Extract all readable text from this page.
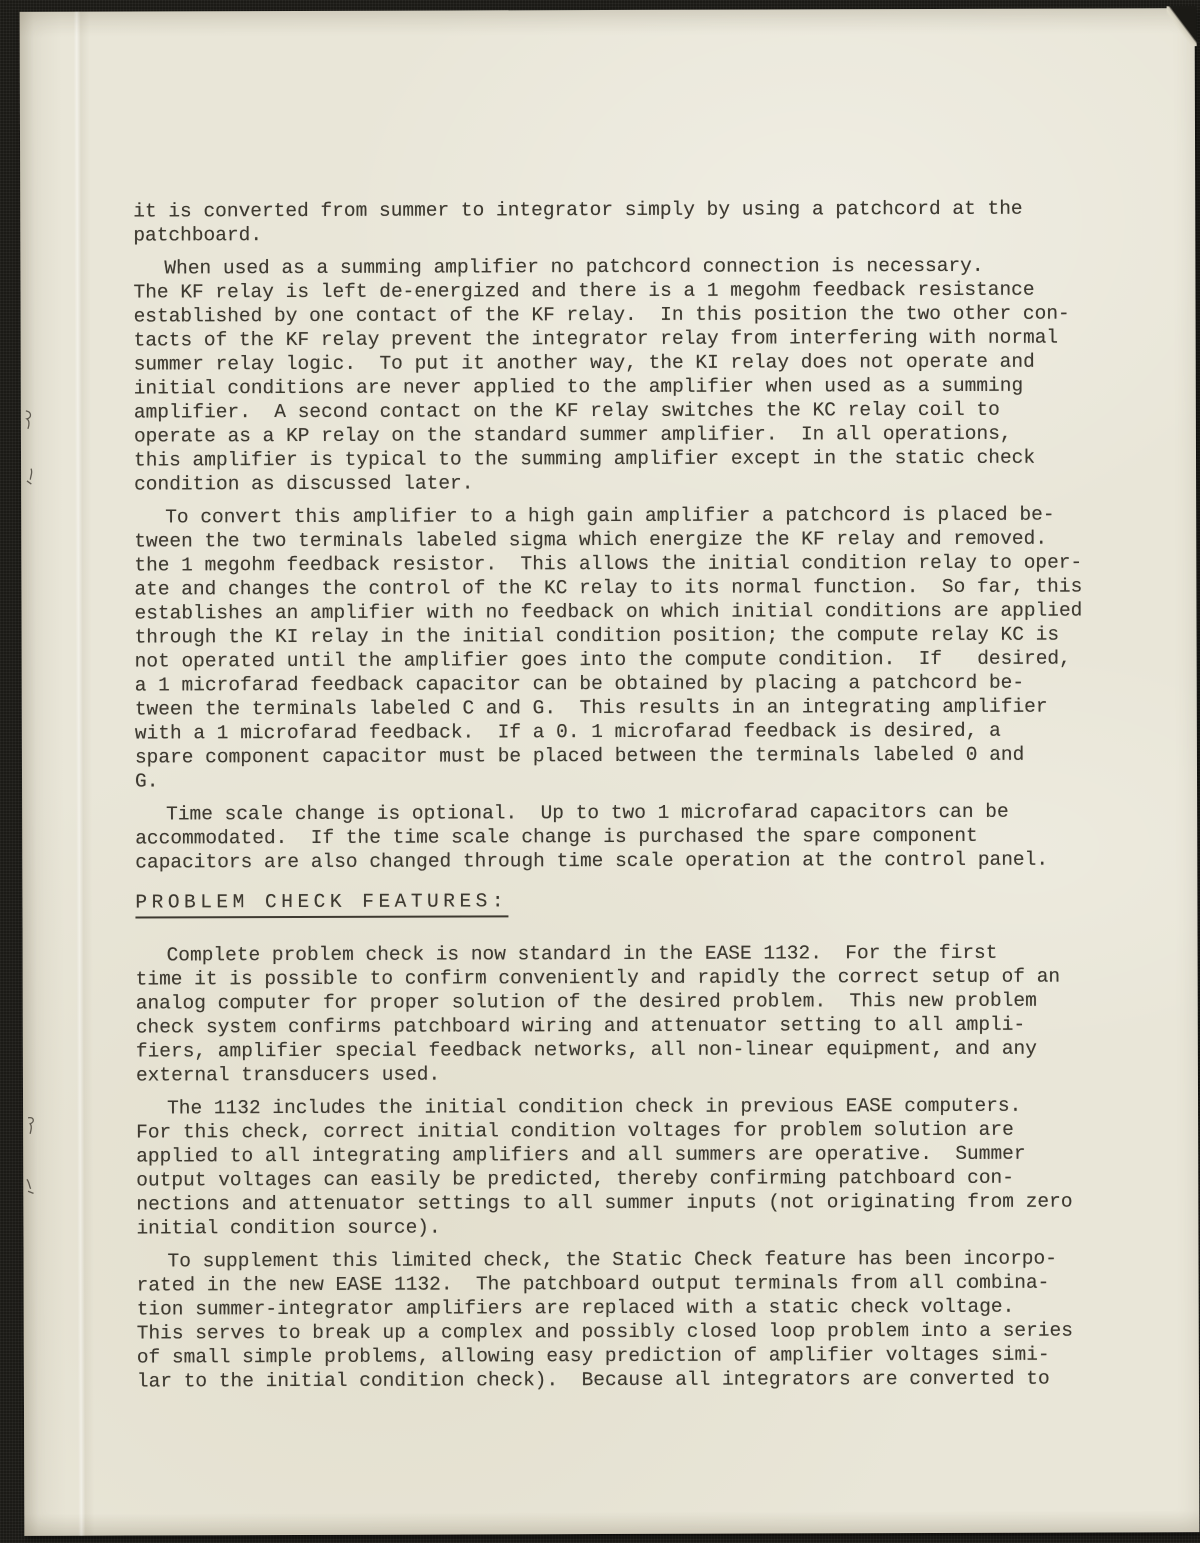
it is converted from summer to integrator simply by using a patchcord at the
patchboard.

When used as a summing amplifier no patchcord connection is necessary.
The KF relay is left de-energized and there is a 1 megohm feedback resistance
established by one contact of the KF relay.  In this position the two other con-
tacts of the KF relay prevent the integrator relay from interfering with normal
summer relay logic.  To put it another way, the KI relay does not operate and
initial conditions are never applied to the amplifier when used as a summing
amplifier.  A second contact on the KF relay switches the KC relay coil to
operate as a KP relay on the standard summer amplifier.  In all operations,
this amplifier is typical to the summing amplifier except in the static check
condition as discussed later.

To convert this amplifier to a high gain amplifier a patchcord is placed be-
tween the two terminals labeled sigma which energize the KF relay and removed.
the 1 megohm feedback resistor.  This allows the initial condition relay to oper-
ate and changes the control of the KC relay to its normal function.  So far, this
establishes an amplifier with no feedback on which initial conditions are applied
through the KI relay in the initial condition position; the compute relay KC is
not operated until the amplifier goes into the compute condition.  If   desired,
a 1 microfarad feedback capacitor can be obtained by placing a patchcord be-
tween the terminals labeled C and G.  This results in an integrating amplifier
with a 1 microfarad feedback.  If a 0. 1 microfarad feedback is desired, a
spare component capacitor must be placed between the terminals labeled 0 and
G.

Time scale change is optional.  Up to two 1 microfarad capacitors can be
accommodated.  If the time scale change is purchased the spare component
capacitors are also changed through time scale operation at the control panel.

PROBLEM CHECK FEATURES:

Complete problem check is now standard in the EASE 1132.  For the first
time it is possible to confirm conveniently and rapidly the correct setup of an
analog computer for proper solution of the desired problem.  This new problem
check system confirms patchboard wiring and attenuator setting to all ampli-
fiers, amplifier special feedback networks, all non-linear equipment, and any
external transducers used.

The 1132 includes the initial condition check in previous EASE computers.
For this check, correct initial condition voltages for problem solution are
applied to all integrating amplifiers and all summers are operative.  Summer
output voltages can easily be predicted, thereby confirming patchboard con-
nections and attenuator settings to all summer inputs (not originating from zero
initial condition source).

To supplement this limited check, the Static Check feature has been incorpo-
rated in the new EASE 1132.  The patchboard output terminals from all combina-
tion summer-integrator amplifiers are replaced with a static check voltage.
This serves to break up a complex and possibly closed loop problem into a series
of small simple problems, allowing easy prediction of amplifier voltages simi-
lar to the initial condition check).  Because all integrators are converted to
